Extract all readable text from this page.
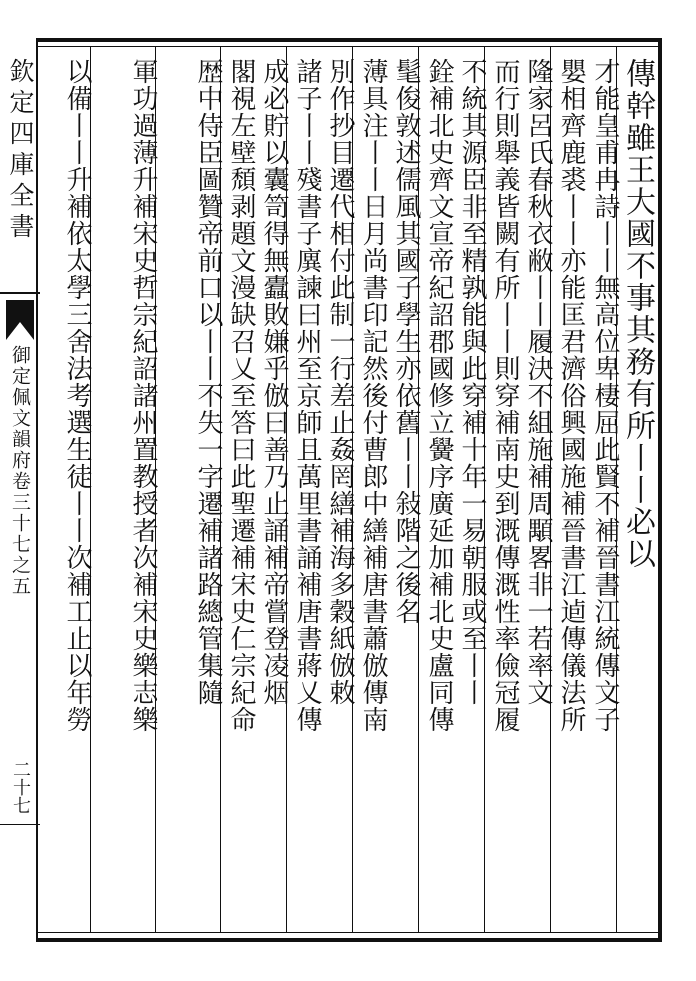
欽定四庫全書
御定佩文韻府卷三十七之五
二十七
傳幹雖王大國不事其務有所丨丨必以
才能皇甫冉詩丨丨無高位卑棲屈此賢不補晉書江統傳文子
嬰相齊鹿裘丨丨亦能匡君濟俗興國施補晉書江逌傳儀法所
隆家呂氏春秋衣敝丨丨履決不組施補周顒畧非一若率文
而行則舉義皆闕有所丨丨則穿補南史到溉傳溉性率儉冠履
不統其源臣非至精孰能與此穿補十年一易朝服或至丨丨
銓補北史齊文宣帝紀詔郡國修立黌序廣延加補北史盧同傳
髦俊敦述儒風其國子學生亦依舊丨丨敍階之後名
薄具注丨丨日月尚書印記然後付曹郎中繕補唐書蕭倣傳南
別作抄目遷代相付此制一行差止姦罔繕補海多穀紙倣敕
諸子丨丨殘書子廙諫曰州至京師且萬里書誦補唐書蔣乂傳
成必貯以囊笥得無蠹敗嫌乎倣曰善乃止誦補帝嘗登凌烟
閣視左壁頹剥題文漫缺召乂至答曰此聖遷補宋史仁宗紀命
歴中侍臣圖贊帝前口以丨丨不失一字遷補諸路總管集隨
軍功過薄升補宋史哲宗紀詔諸州置教授者次補宋史樂志樂
以備丨丨升補依太學三舍法考選生徒丨丨次補工止以年勞
